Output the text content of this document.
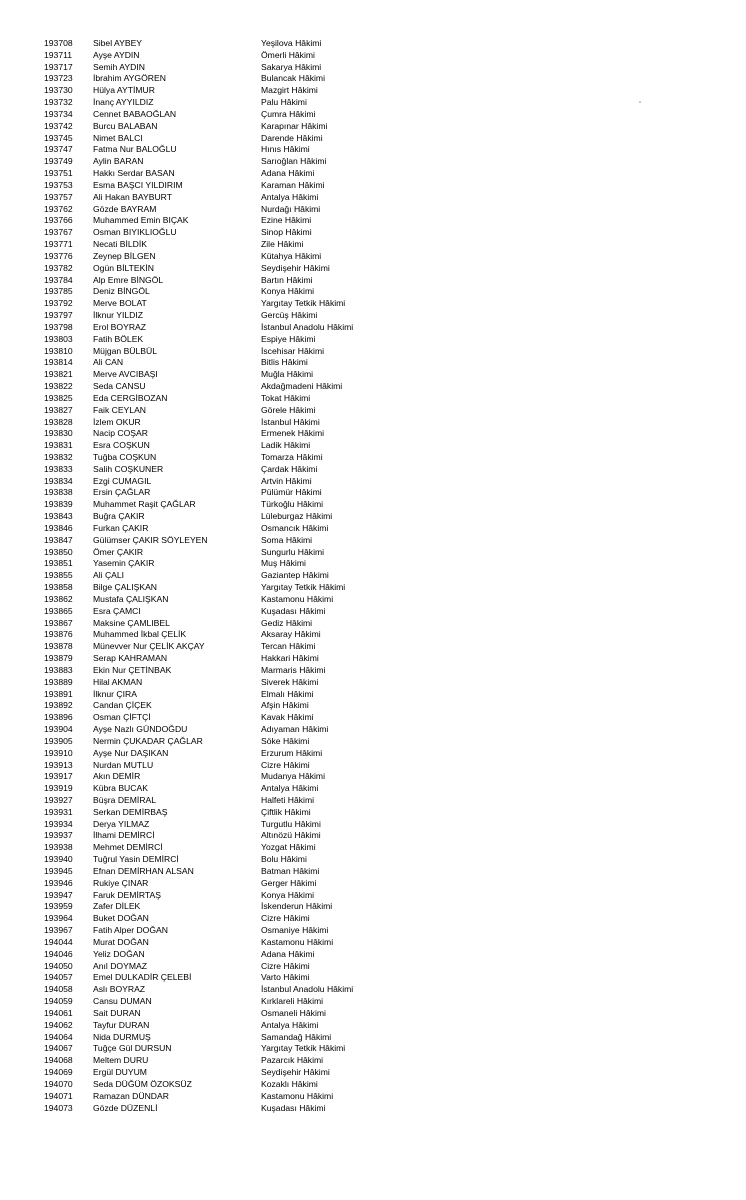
193708 Sibel AYBEY	Yeşilova Hâkimi
193711 Ayşe AYDIN	Ömerli Hâkimi
193717 Semih AYDIN	Sakarya Hâkimi
193723 İbrahim AYGÖREN	Bulancak Hâkimi
193730 Hülya AYTİMUR	Mazgirt Hâkimi
193732 İnanç AYYILDIZ	Palu Hâkimi
193734 Cennet BABAOĞLAN	Çumra Hâkimi
193742 Burcu BALABAN	Karapınar Hâkimi
193745 Nimet BALCI	Darende Hâkimi
193747 Fatma Nur BALOĞLU	Hınıs Hâkimi
193749 Aylin BARAN	Sarıoğlan Hâkimi
193751 Hakkı Serdar BASAN	Adana Hâkimi
193753 Esma BAŞCI YILDIRIM	Karaman Hâkimi
193757 Ali Hakan BAYBURT	Antalya Hâkimi
193762 Gözde BAYRAM	Nurdağı Hâkimi
193766 Muhammed Emin BIÇAK	Ezine Hâkimi
193767 Osman BIYIKLIOĞLU	Sinop Hâkimi
193771 Necati BİLDİK	Zile Hâkimi
193776 Zeynep BİLGEN	Kütahya Hâkimi
193782 Ogün BİLTEKİN	Seydişehir Hâkimi
193784 Alp Emre BİNGÖL	Bartın Hâkimi
193785 Deniz BİNGÖL	Konya Hâkimi
193792 Merve BOLAT	Yargıtay Tetkik Hâkimi
193797 İlknur YILDIZ	Gercüş Hâkimi
193798 Erol BOYRAZ	İstanbul Anadolu Hâkimi
193803 Fatih BÖLEK	Espiye Hâkimi
193810 Müjgan BÜLBÜL	İscehisar Hâkimi
193814 Ali CAN	Bitlis Hâkimi
193821 Merve AVCIBAŞI	Muğla Hâkimi
193822 Seda CANSU	Akdağmadeni Hâkimi
193825 Eda CERGİBOZAN	Tokat Hâkimi
193827 Faik CEYLAN	Görele Hâkimi
193828 İzlem OKUR	İstanbul Hâkimi
193830 Nacip COŞAR	Ermenek Hâkimi
193831 Esra COŞKUN	Ladik Hâkimi
193832 Tuğba COŞKUN	Tomarza Hâkimi
193833 Salih COŞKUNER	Çardak Hâkimi
193834 Ezgi CUMAGIL	Artvin Hâkimi
193838 Ersin ÇAĞLAR	Pülümür Hâkimi
193839 Muhammet Raşit ÇAĞLAR	Türkoğlu Hâkimi
193843 Buğra ÇAKIR	Lüleburgaz Hâkimi
193846 Furkan ÇAKIR	Osmancık Hâkimi
193847 Gülümser ÇAKIR SÖYLEYEN	Soma Hâkimi
193850 Ömer ÇAKIR	Sungurlu Hâkimi
193851 Yasemin ÇAKIR	Muş Hâkimi
193855 Ali ÇALI	Gaziantep Hâkimi
193858 Bilge ÇALIŞKAN	Yargıtay Tetkik Hâkimi
193862 Mustafa ÇALIŞKAN	Kastamonu Hâkimi
193865 Esra ÇAMCI	Kuşadası Hâkimi
193867 Maksine ÇAMLIBEL	Gediz Hâkimi
193876 Muhammed İkbal ÇELİK	Aksaray Hâkimi
193878 Münevver Nur ÇELİK AKÇAY	Tercan Hâkimi
193879 Serap KAHRAMAN	Hakkari Hâkimi
193883 Ekin Nur ÇETİNBAK	Marmaris Hâkimi
193889 Hilal AKMAN	Siverek Hâkimi
193891 İlknur ÇIRA	Elmalı Hâkimi
193892 Candan ÇİÇEK	Afşin Hâkimi
193896 Osman ÇİFTÇİ	Kavak Hâkimi
193904 Ayşe Nazlı GÜNDOĞDU	Adıyaman Hâkimi
193905 Nermin ÇUKADAR ÇAĞLAR	Söke Hâkimi
193910 Ayşe Nur DAŞIKAN	Erzurum Hâkimi
193913 Nurdan MUTLU	Cizre Hâkimi
193917 Akın DEMİR	Mudanya Hâkimi
193919 Kübra BUCAK	Antalya Hâkimi
193927 Büşra DEMİRAL	Halfeti Hâkimi
193931 Serkan DEMİRBAŞ	Çiftlik Hâkimi
193934 Derya YILMAZ	Turgutlu Hâkimi
193937 İlhami DEMİRCİ	Altınözü Hâkimi
193938 Mehmet DEMİRCİ	Yozgat Hâkimi
193940 Tuğrul Yasin DEMİRCİ	Bolu Hâkimi
193945 Efnan DEMİRHAN ALSAN	Batman Hâkimi
193946 Rukiye ÇINAR	Gerger Hâkimi
193947 Faruk DEMİRTAŞ	Konya Hâkimi
193959 Zafer DİLEK	İskenderun Hâkimi
193964 Buket DOĞAN	Cizre Hâkimi
193967 Fatih Alper DOĞAN	Osmaniye Hâkimi
194044 Murat DOĞAN	Kastamonu Hâkimi
194046 Yeliz DOĞAN	Adana Hâkimi
194050 Anıl DOYMAZ	Cizre Hâkimi
194057 Emel DULKADİR ÇELEBİ	Varto Hâkimi
194058 Aslı BOYRAZ	İstanbul Anadolu Hâkimi
194059 Cansu DUMAN	Kırklareli Hâkimi
194061 Sait DURAN	Osmaneli Hâkimi
194062 Tayfur DURAN	Antalya Hâkimi
194064 Nida DURMUŞ	Samandağ Hâkimi
194067 Tuğçe Gül DURSUN	Yargıtay Tetkik Hâkimi
194068 Meltem DURU	Pazarcık Hâkimi
194069 Ergül DUYUM	Seydişehir Hâkimi
194070 Seda DÜĞÜM ÖZOKSÜZ	Kozaklı Hâkimi
194071 Ramazan DÜNDAR	Kastamonu Hâkimi
194073 Gözde DÜZENLİ	Kuşadası Hâkimi
